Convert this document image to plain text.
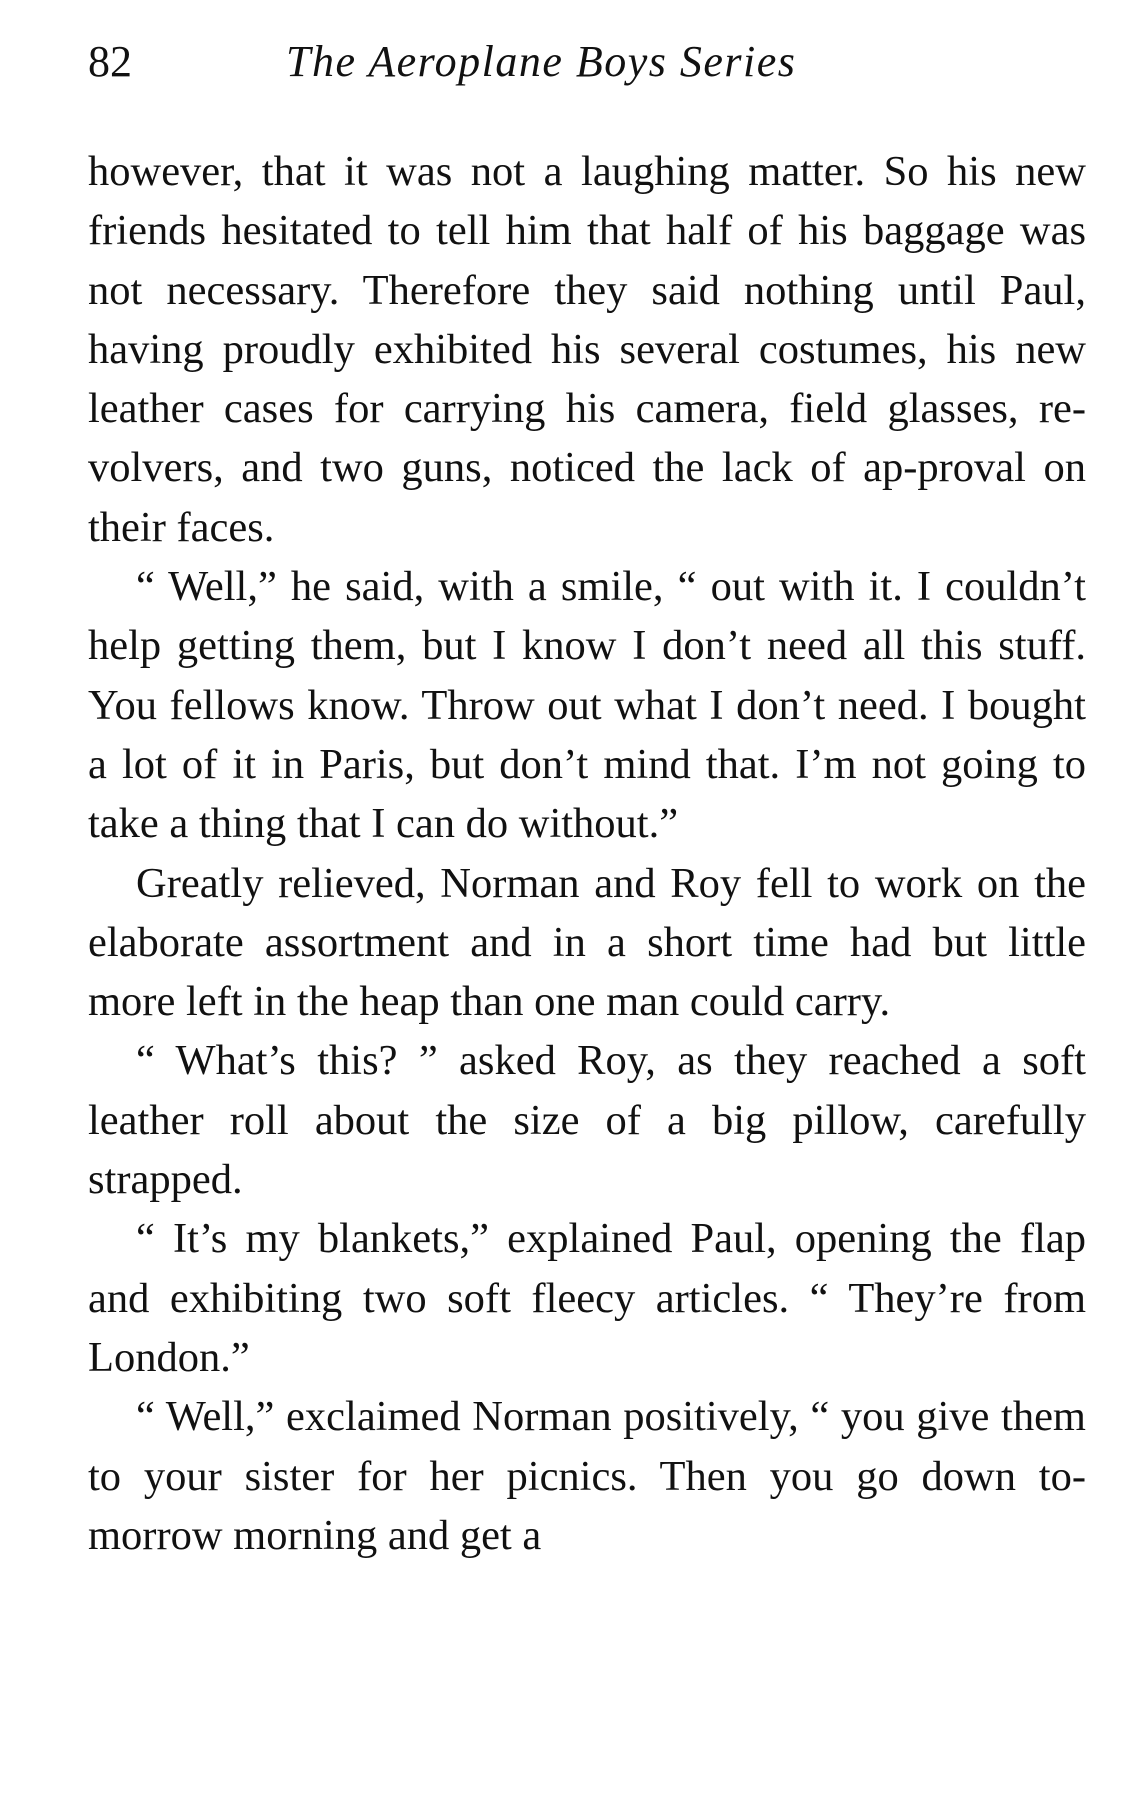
82	The Aeroplane Boys Series

however, that it was not a laughing matter. So his new friends hesitated to tell him that half of his baggage was not necessary. Therefore they said nothing until Paul, having proudly exhibited his several costumes, his new leather cases for carrying his camera, field glasses, re-volvers, and two guns, noticed the lack of ap-proval on their faces.

“ Well,” he said, with a smile, “ out with it. I couldn’t help getting them, but I know I don’t need all this stuff. You fellows know. Throw out what I don’t need. I bought a lot of it in Paris, but don’t mind that. I’m not going to take a thing that I can do without.”

Greatly relieved, Norman and Roy fell to work on the elaborate assortment and in a short time had but little more left in the heap than one man could carry.

“ What’s this? ” asked Roy, as they reached a soft leather roll about the size of a big pillow, carefully strapped.

“ It’s my blankets,” explained Paul, opening the flap and exhibiting two soft fleecy articles. “ They’re from London.”

“ Well,” exclaimed Norman positively, “ you give them to your sister for her picnics. Then you go down to-morrow morning and get a
